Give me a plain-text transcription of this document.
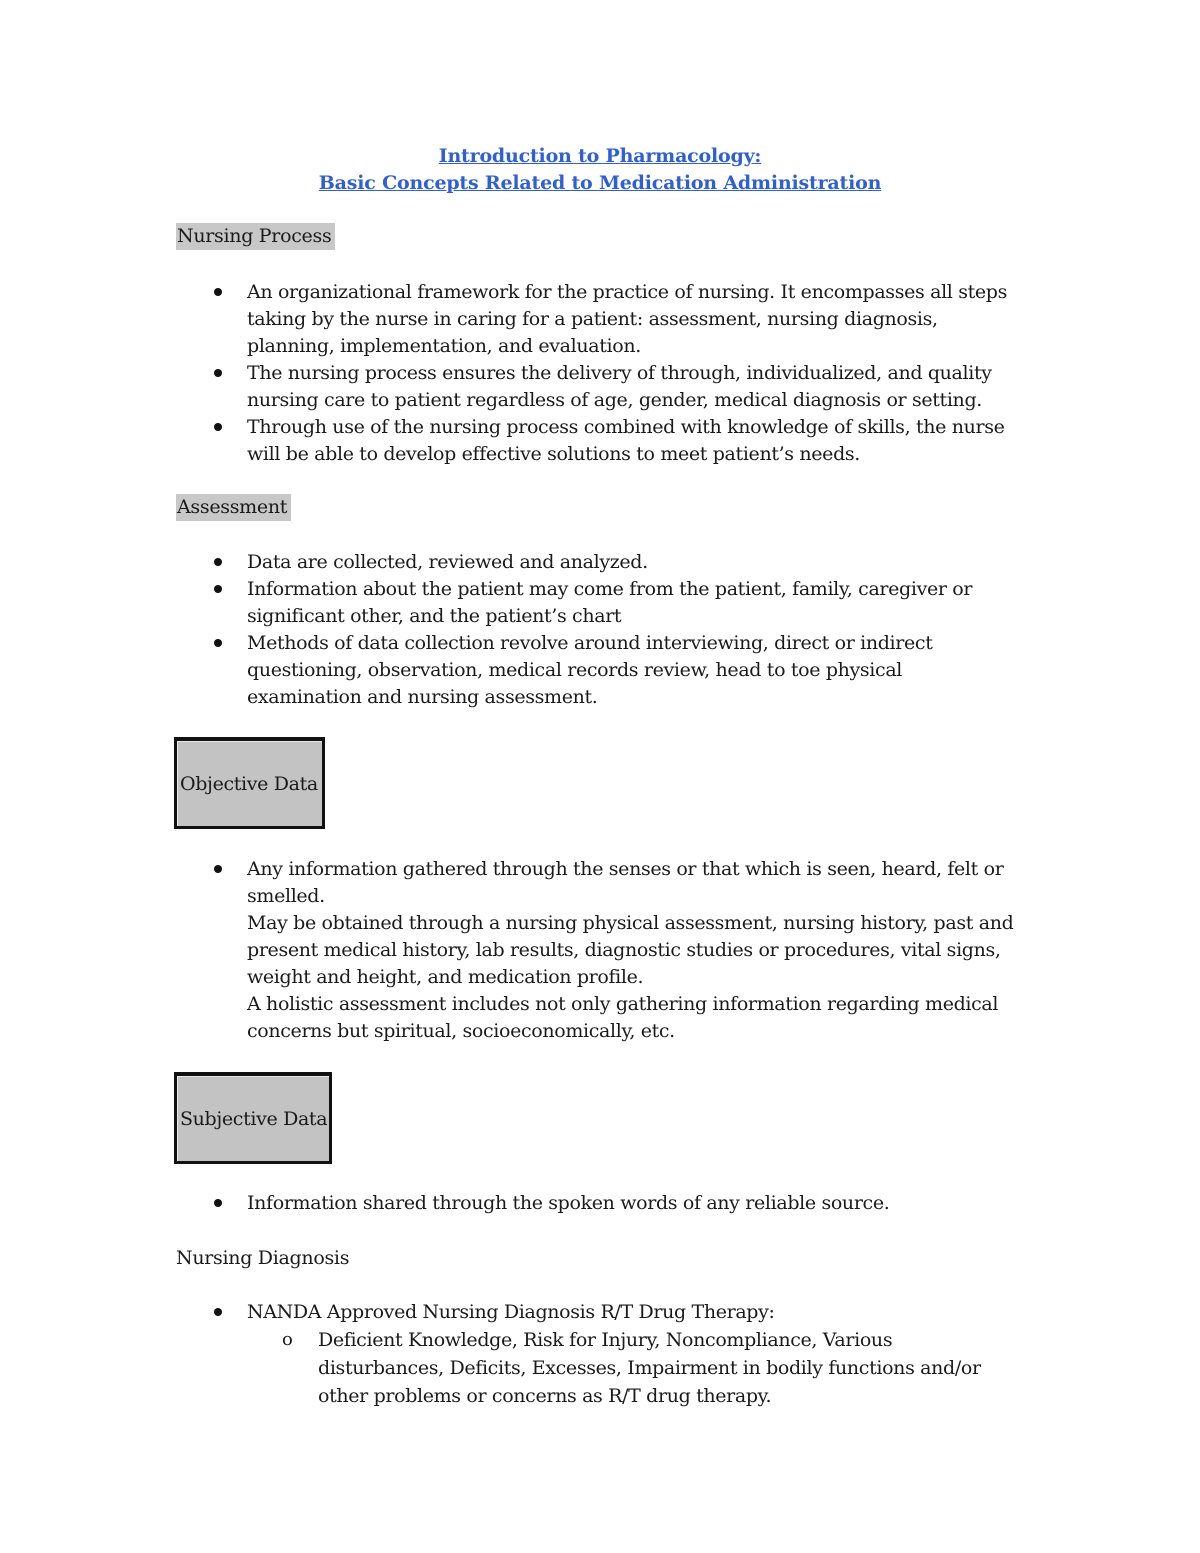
Introduction to Pharmacology:
Basic Concepts Related to Medication Administration
Nursing Process
An organizational framework for the practice of nursing. It encompasses all steps
taking by the nurse in caring for a patient: assessment, nursing diagnosis,
planning, implementation, and evaluation.
The nursing process ensures the delivery of through, individualized, and quality
nursing care to patient regardless of age, gender, medical diagnosis or setting.
Through use of the nursing process combined with knowledge of skills, the nurse
will be able to develop effective solutions to meet patient’s needs.
Assessment
Data are collected, reviewed and analyzed.
Information about the patient may come from the patient, family, caregiver or
significant other, and the patient’s chart
Methods of data collection revolve around interviewing, direct or indirect
questioning, observation, medical records review, head to toe physical
examination and nursing assessment.
Objective Data
Any information gathered through the senses or that which is seen, heard, felt or
smelled.
May be obtained through a nursing physical assessment, nursing history, past and
present medical history, lab results, diagnostic studies or procedures, vital signs,
weight and height, and medication profile.
A holistic assessment includes not only gathering information regarding medical
concerns but spiritual, socioeconomically, etc.
Subjective Data
Information shared through the spoken words of any reliable source.
Nursing Diagnosis
NANDA Approved Nursing Diagnosis R/T Drug Therapy:
o Deficient Knowledge, Risk for Injury, Noncompliance, Various
disturbances, Deficits, Excesses, Impairment in bodily functions and/or
other problems or concerns as R/T drug therapy.
